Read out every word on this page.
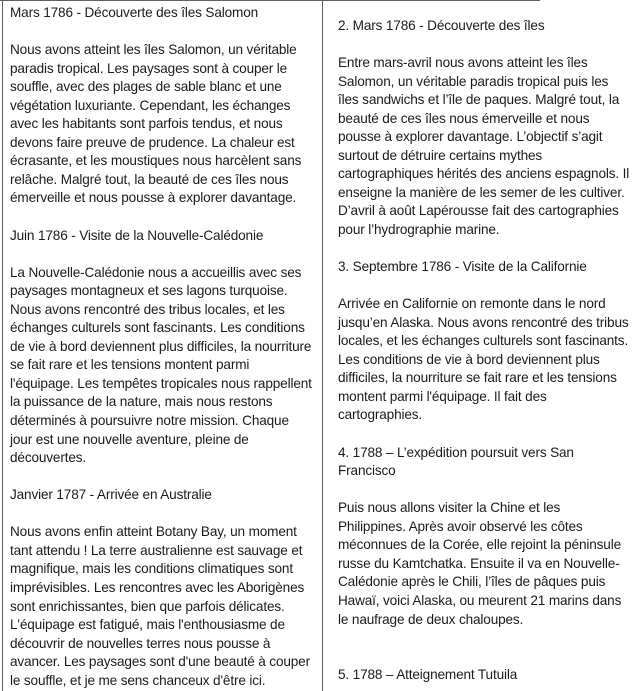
Mars 1786 - Découverte des îles Salomon

Nous avons atteint les îles Salomon, un véritable paradis tropical. Les paysages sont à couper le souffle, avec des plages de sable blanc et une végétation luxuriante. Cependant, les échanges avec les habitants sont parfois tendus, et nous devons faire preuve de prudence. La chaleur est écrasante, et les moustiques nous harcèlent sans relâche. Malgré tout, la beauté de ces îles nous émerveille et nous pousse à explorer davantage.

Juin 1786 - Visite de la Nouvelle-Calédonie

La Nouvelle-Calédonie nous a accueillis avec ses paysages montagneux et ses lagons turquoise. Nous avons rencontré des tribus locales, et les échanges culturels sont fascinants. Les conditions de vie à bord deviennent plus difficiles, la nourriture se fait rare et les tensions montent parmi l'équipage. Les tempêtes tropicales nous rappellent la puissance de la nature, mais nous restons déterminés à poursuivre notre mission. Chaque jour est une nouvelle aventure, pleine de découvertes.

Janvier 1787 - Arrivée en Australie

Nous avons enfin atteint Botany Bay, un moment tant attendu ! La terre australienne est sauvage et magnifique, mais les conditions climatiques sont imprévisibles. Les rencontres avec les Aborigènes sont enrichissantes, bien que parfois délicates. L'équipage est fatigué, mais l'enthousiasme de découvrir de nouvelles terres nous pousse à avancer. Les paysages sont d'une beauté à couper le souffle, et je me sens chanceux d'être ici.

2. Mars 1786 - Découverte des îles

Entre mars-avril nous avons atteint les îles Salomon, un véritable paradis tropical puis les îles sandwichs et l’île de paques. Malgré tout, la beauté de ces îles nous émerveille et nous pousse à explorer davantage. L’objectif s’agit surtout de détruire certains mythes cartographiques hérités des anciens espagnols. Il enseigne la manière de les semer de les cultiver. D’avril à août Lapérousse fait des cartographies pour l’hydrographie marine.

3. Septembre 1786 - Visite de la Californie

Arrivée en Californie on remonte dans le nord jusqu’en Alaska. Nous avons rencontré des tribus locales, et les échanges culturels sont fascinants. Les conditions de vie à bord deviennent plus difficiles, la nourriture se fait rare et les tensions montent parmi l'équipage. Il fait des cartographies.

4. 1788 – L’expédition poursuit vers San Francisco

Puis nous allons visiter la Chine et les Philippines. Après avoir observé les côtes méconnues de la Corée, elle rejoint la péninsule russe du Kamtchatka. Ensuite il va en Nouvelle-Calédonie après le Chili, l’îles de pâques puis Hawaï, voici Alaska, ou meurent 21 marins dans le naufrage de deux chaloupes.

5. 1788 – Atteignement Tutuila
